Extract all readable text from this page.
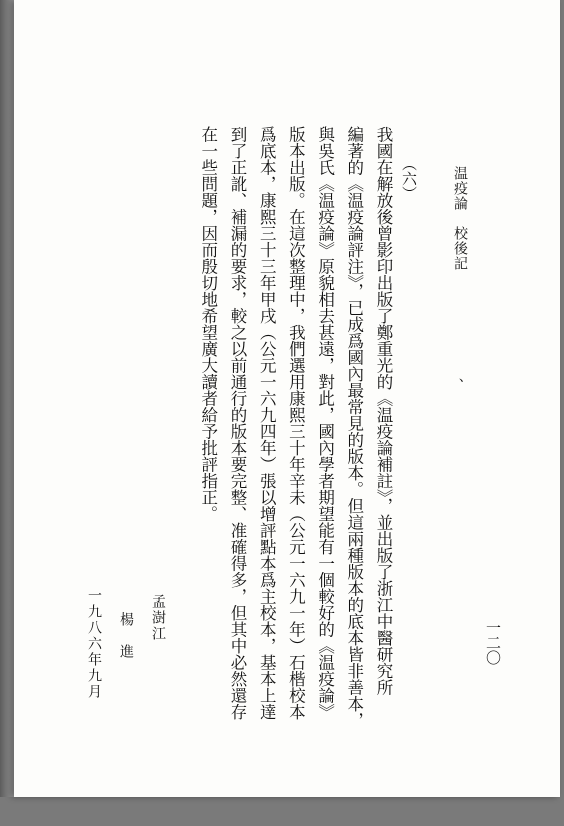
温疫論　校後記
、
一二〇
（六）
我國在解放後曾影印出版了鄭重光的《温疫論補註》，並出版了浙江中醫研究所
編著的《温疫論評注》，已成爲國內最常見的版本。但這兩種版本的底本皆非善本，
與吳氏《温疫論》原貌相去甚遠，對此，國內學者期望能有一個較好的《温疫論》
版本出版。在這次整理中，我們選用康熙三十年辛未（公元一六九一年）石楷校本
爲底本，康熙三十三年甲戌（公元一六九四年）張以增評點本爲主校本，基本上達
到了正訛、補漏的要求，較之以前通行的版本要完整、准確得多，但其中必然還存
在一些問題，因而殷切地希望廣大讀者給予批評指正。
孟澍江
楊　進
一九八六年九月
